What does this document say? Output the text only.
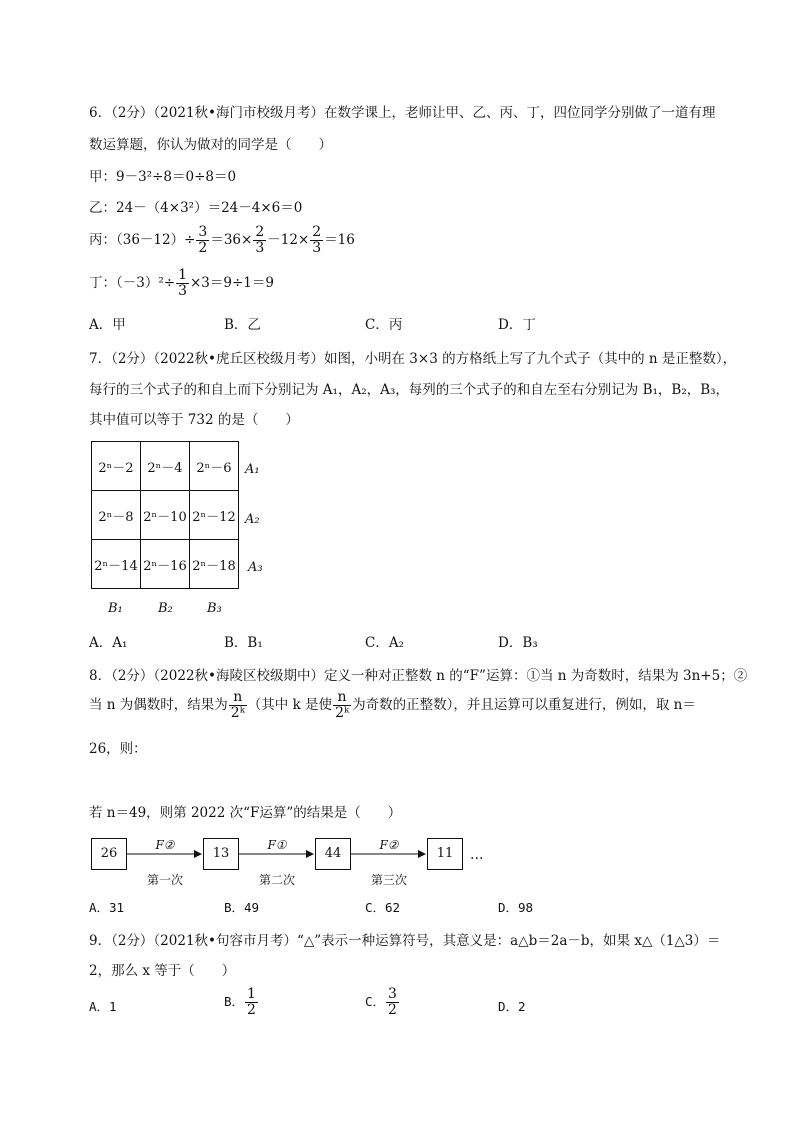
6．（2分）（2021秋•海门市校级月考）在数学课上，老师让甲、乙、丙、丁，四位同学分别做了一道有理
数运算题，你认为做对的同学是（　　）
甲：9－3²÷8＝0÷8＝0
乙：24－（4×3²）＝24－4×6＝0
丙：$(36-12)\div \frac{3}{2} =36\times \frac{2}{3} -12\times \frac{2}{3} =16$
丁：$(-3)^2\div \frac{1}{3} \times 3=9\div 1=9$
A．甲	B．乙	C．丙	D．丁
7．（2分）（2022秋•虎丘区校级月考）如图，小明在 3×3 的方格纸上写了九个式子（其中的 n 是正整数），
每行的三个式子的和自上而下分别记为 A₁，A₂，A₃，每列的三个式子的和自左至右分别记为 B₁，B₂，B₃，
其中值可以等于 732 的是（　　）
2ⁿ－2	2ⁿ－4	2ⁿ－6
2ⁿ－8	2ⁿ－10	2ⁿ－12
2ⁿ－14	2ⁿ－16	2ⁿ－18
A₁
A₂
A₃
B₁	B₂	B₃
A．A₁	B．B₁	C．A₂	D．B₃
8．（2分）（2022秋•海陵区校级期中）定义一种对正整数 n 的“F”运算：①当 n 为奇数时，结果为 3n+5；②
当 n 为偶数时，结果为 $\frac{n}{\text{2ᵏ}}$ （其中 k 是使 $\frac{n}{\text{2ᵏ}}$ 为奇数的正整数），并且运算可以重复进行，例如，取 n＝
26，则：
若 n＝49，则第 2022 次“F运算”的结果是（　　）
26	13	44	11	…
F②	F①	F②
第一次	第二次	第三次
A．31	B．49	C．62	D．98
9．（2分）（2021秋•句容市月考）“△”表示一种运算符号，其意义是：a△b＝2a－b，如果 x△（1△3）＝
2，那么 x 等于（　　）
A．1	B． $\frac{1}{2}$	C． $\frac{3}{2}$	D．2
